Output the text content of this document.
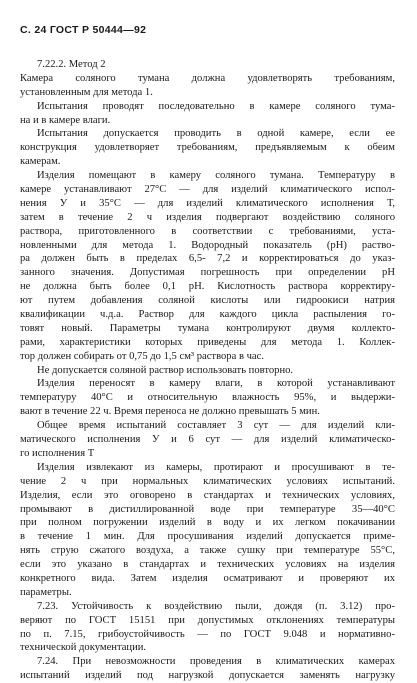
С. 24 ГОСТ Р 50444—92
7.22.2. Метод 2
Камера соляного тумана должна удовлетворять требованиям,
установленным для метода 1.
Испытания проводят последовательно в камере соляного тума-
на и в камере влаги.
Испытания допускается проводить в одной камере, если ее
конструкция удовлетворяет требованиям, предъявляемым к обеим
камерам.
Изделия помещают в камеру соляного тумана. Температуру в
камере устанавливают 27°С — для изделий климатического испол-
нения У и 35°С — для изделий климатического исполнения Т,
затем в течение 2 ч изделия подвергают воздействию соляного
раствора, приготовленного в соответствии с требованиями, уста-
новленными для метода 1. Водородный показатель (pH) раство-
ра должен быть в пределах 6,5- 7,2 и корректироваться до указ-
занного значения. Допустимая погрешность при определении pH
не должна быть более 0,1 pH. Кислотность раствора корректиру-
ют путем добавления соляной кислоты или гидроокиси натрия
квалификации ч.д.а. Раствор для каждого цикла распыления го-
товят новый. Параметры тумана контролируют двумя коллекто-
рами, характеристики которых приведены для метода 1. Коллек-
тор должен собирать от 0,75 до 1,5 см³ раствора в час.
Не допускается соляной раствор использовать повторно.
Изделия переносят в камеру влаги, в которой устанавливают
температуру 40°С и относительную влажность 95%, и выдержи-
вают в течение 22 ч. Время переноса не должно превышать 5 мин.
Общее время испытаний составляет 3 сут — для изделий кли-
матического исполнения У и 6 сут — для изделий климатическо-
го исполнения Т
Изделия извлекают из камеры, протирают и просушивают в те-
чение 2 ч при нормальных климатических условиях испытаний.
Изделия, если это оговорено в стандартах и технических условиях,
промывают в дистиллированной воде при температуре 35—40°С
при полном погружении изделий в воду и их легком покачивании
в течение 1 мин. Для просушивания изделий допускается приме-
нять струю сжатого воздуха, а также сушку при температуре 55°С,
если это указано в стандартах и технических условиях на изделия
конкретного вида. Затем изделия осматривают и проверяют их
параметры.
7.23. Устойчивость к воздействию пыли, дождя (п. 3.12) про-
веряют по ГОСТ 15151 при допустимых отклонениях температуры
по п. 7.15, грибоустойчивость — по ГОСТ 9.048 и нормативно-
технической документации.
7.24. При невозможности проведения в климатических камерах
испытаний изделий под нагрузкой допускается заменять нагрузку
